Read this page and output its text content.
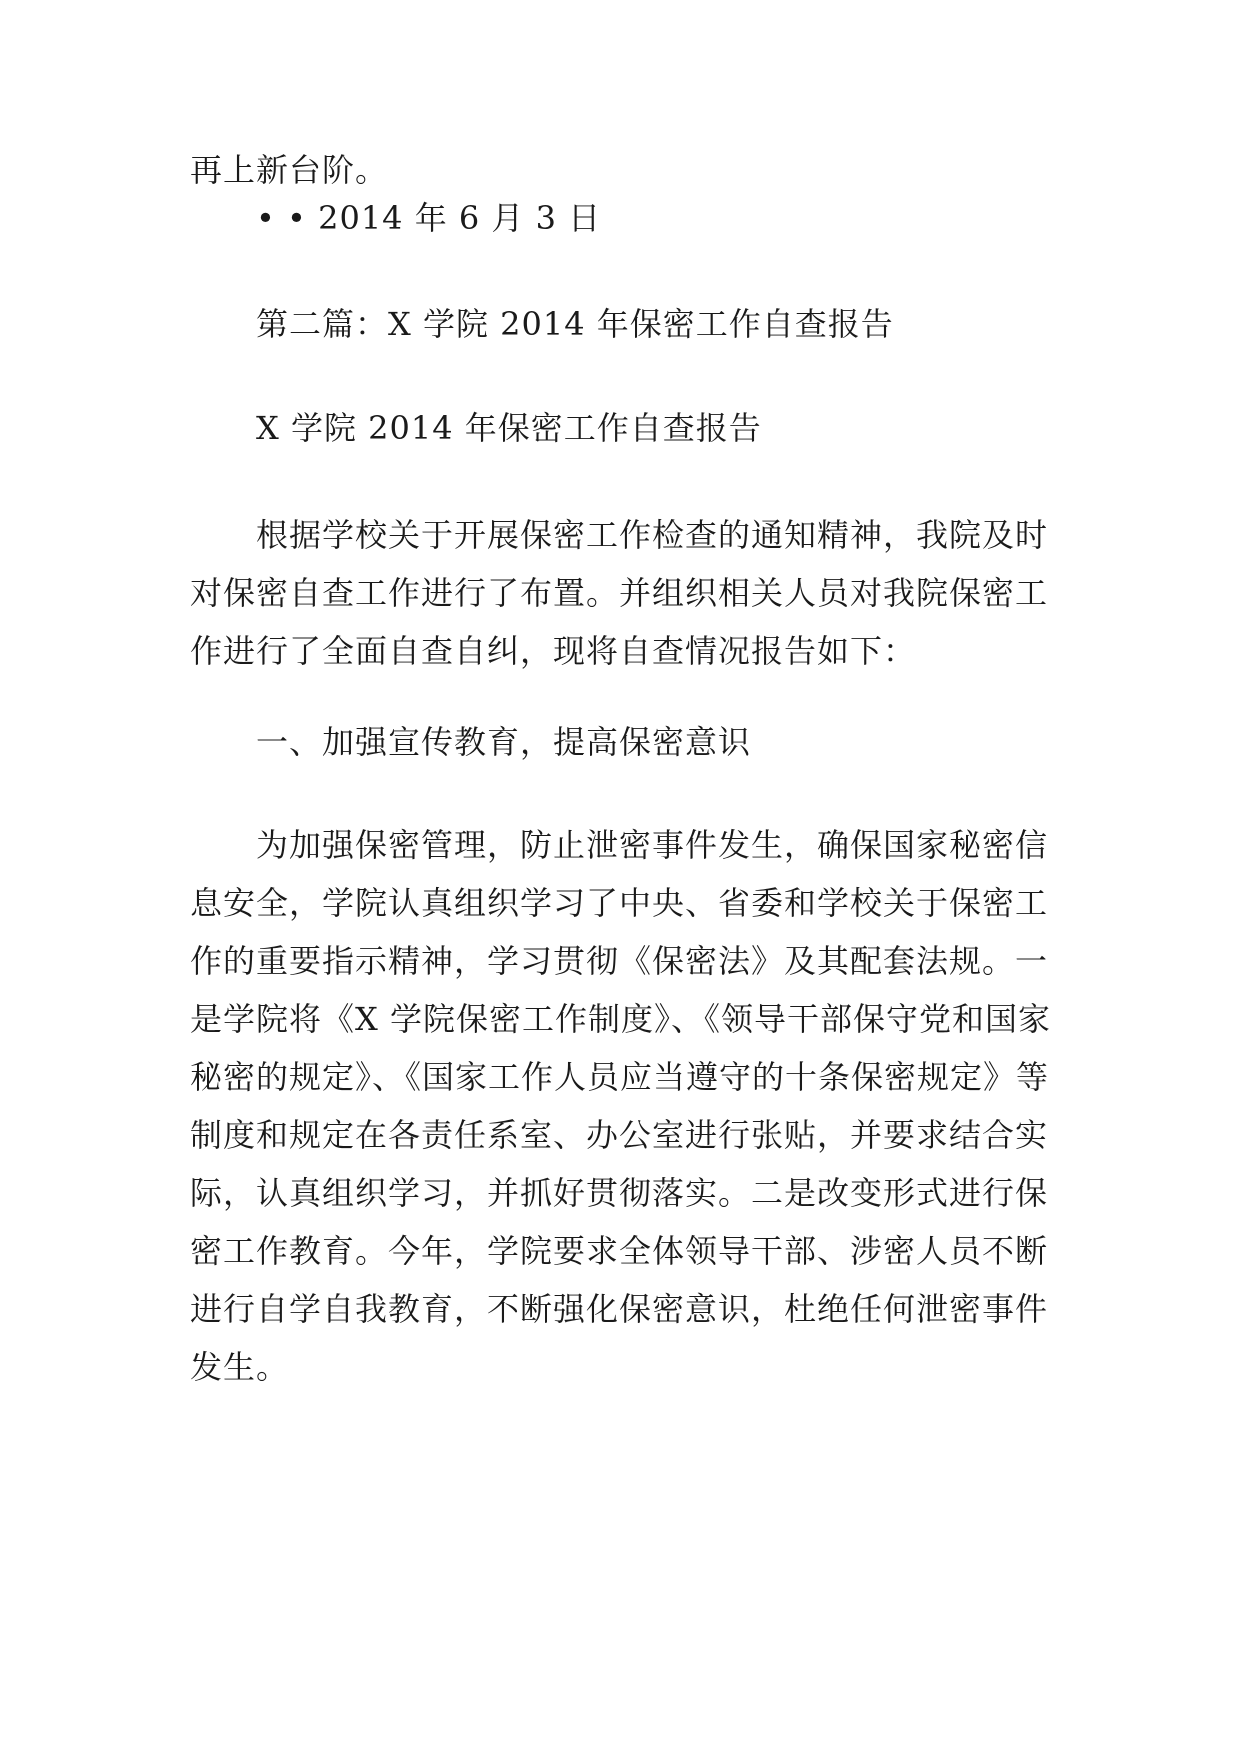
再上新台阶。
• • 2014 年 6 月 3 日
第二篇：X 学院 2014 年保密工作自查报告
X 学院 2014 年保密工作自查报告
根据学校关于开展保密工作检查的通知精神，我院及时
对保密自查工作进行了布置。并组织相关人员对我院保密工
作进行了全面自查自纠，现将自查情况报告如下：
一、加强宣传教育，提高保密意识
为加强保密管理，防止泄密事件发生，确保国家秘密信
息安全，学院认真组织学习了中央、省委和学校关于保密工
作的重要指示精神，学习贯彻《保密法》及其配套法规。一
是学院将《X 学院保密工作制度》、《领导干部保守党和国家
秘密的规定》、《国家工作人员应当遵守的十条保密规定》等
制度和规定在各责任系室、办公室进行张贴，并要求结合实
际，认真组织学习，并抓好贯彻落实。二是改变形式进行保
密工作教育。今年，学院要求全体领导干部、涉密人员不断
进行自学自我教育，不断强化保密意识，杜绝任何泄密事件
发生。
